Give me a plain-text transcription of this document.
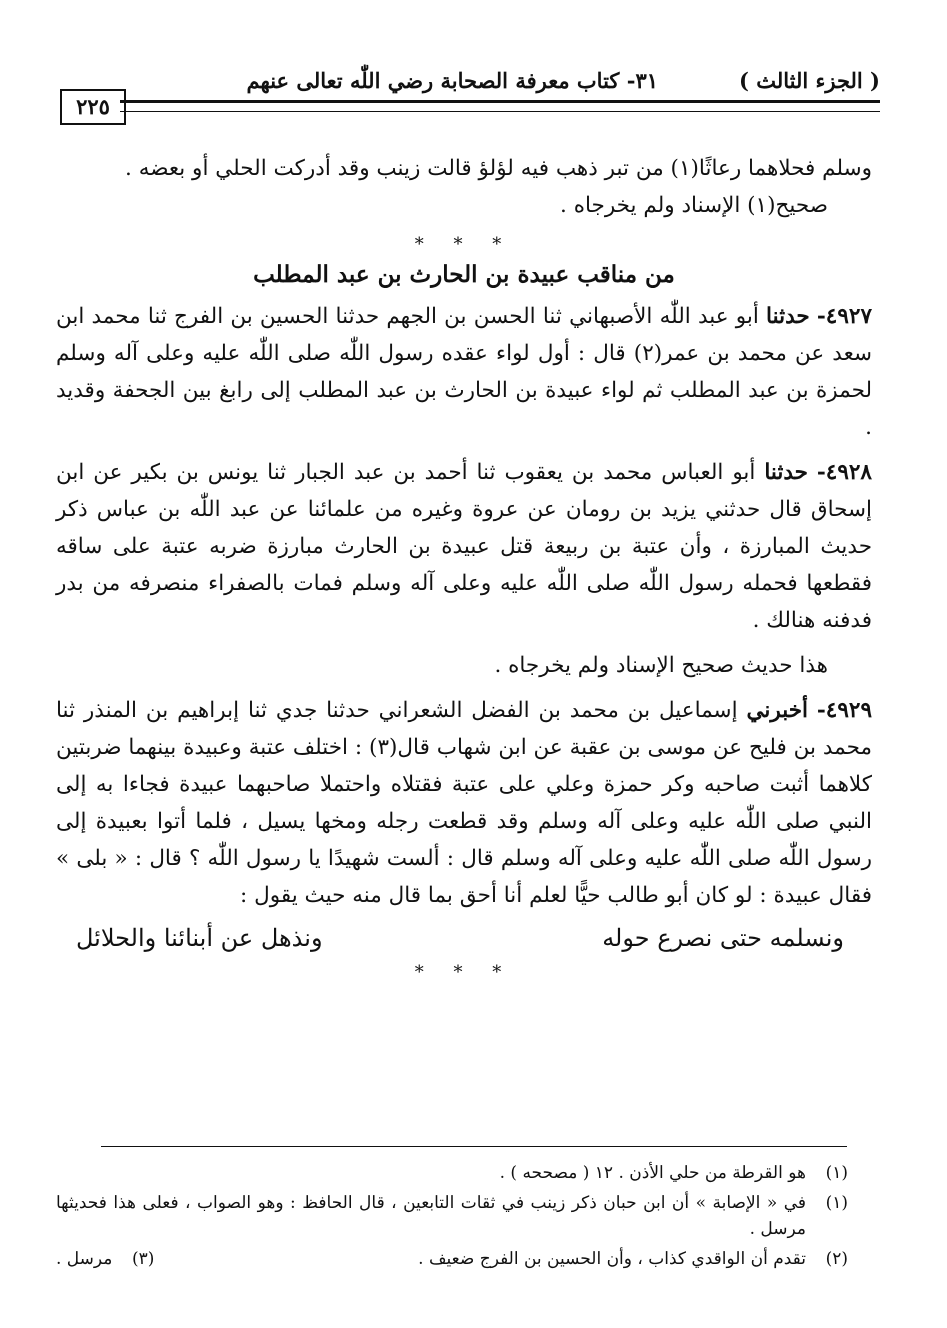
( الجزء الثالث )
٣١- كتاب معرفة الصحابة رضي اللّٰه تعالى عنهم
٢٢٥

وسلم فحلاهما رعاثًا(١) من تبر ذهب فيه لؤلؤ قالت زينب وقد أدركت الحلي أو بعضه .

صحيح(١) الإسناد ولم يخرجاه .

* * *
من مناقب عبيدة بن الحارث بن عبد المطلب

٤٩٢٧- حدثنا أبو عبد اللّٰه الأصبهاني ثنا الحسن بن الجهم حدثنا الحسين بن الفرج ثنا محمد ابن سعد عن محمد بن عمر(٢) قال : أول لواء عقده رسول اللّٰه صلى اللّٰه عليه وعلى آله وسلم لحمزة بن عبد المطلب ثم لواء عبيدة بن الحارث بن عبد المطلب إلى رابغ بين الجحفة وقديد .

٤٩٢٨- حدثنا أبو العباس محمد بن يعقوب ثنا أحمد بن عبد الجبار ثنا يونس بن بكير عن ابن إسحاق قال حدثني يزيد بن رومان عن عروة وغيره من علمائنا عن عبد اللّٰه بن عباس ذكر حديث المبارزة ، وأن عتبة بن ربيعة قتل عبيدة بن الحارث مبارزة ضربه عتبة على ساقه فقطعها فحمله رسول اللّٰه صلى اللّٰه عليه وعلى آله وسلم فمات بالصفراء منصرفه من بدر فدفنه هنالك .

هذا حديث صحيح الإسناد ولم يخرجاه .

٤٩٢٩- أخبرني إسماعيل بن محمد بن الفضل الشعراني حدثنا جدي ثنا إبراهيم بن المنذر ثنا محمد بن فليح عن موسى بن عقبة عن ابن شهاب قال(٣) : اختلف عتبة وعبيدة بينهما ضربتين كلاهما أثبت صاحبه وكر حمزة وعلي على عتبة فقتلاه واحتملا صاحبهما عبيدة فجاءا به إلى النبي صلى اللّٰه عليه وعلى آله وسلم وقد قطعت رجله ومخها يسيل ، فلما أتوا بعبيدة إلى رسول اللّٰه صلى اللّٰه عليه وعلى آله وسلم قال : ألست شهيدًا يا رسول اللّٰه ؟ قال : « بلى » فقال عبيدة : لو كان أبو طالب حيًّا لعلم أنا أحق بما قال منه حيث يقول :

ونسلمه حتى نصرع حوله
ونذهل عن أبنائنا والحلائل
* * *
(١)
هو القرطة من حلي الأذن . ١٢ ( مصححه ) .
(١)
في « الإصابة » أن ابن حبان ذكر زينب في ثقات التابعين ، قال الحافظ : وهو الصواب ، فعلى هذا فحديثها مرسل .
(٢)
تقدم أن الواقدي كذاب ، وأن الحسين بن الفرج ضعيف .
(٣)
مرسل .
